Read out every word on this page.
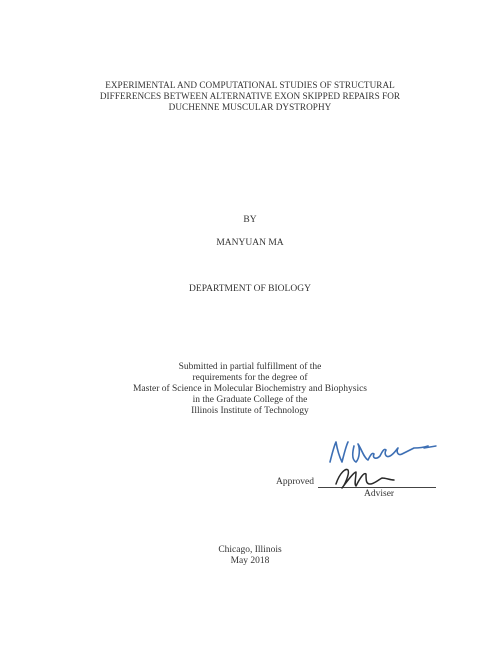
EXPERIMENTAL AND COMPUTATIONAL STUDIES OF STRUCTURAL
DIFFERENCES BETWEEN ALTERNATIVE EXON SKIPPED REPAIRS FOR
DUCHENNE MUSCULAR DYSTROPHY
BY
MANYUAN MA
DEPARTMENT OF BIOLOGY
Submitted in partial fulfillment of the
requirements for the degree of
Master of Science in Molecular Biochemistry and Biophysics
in the Graduate College of the
Illinois Institute of Technology
Approved
Adviser
Chicago, Illinois
May 2018
